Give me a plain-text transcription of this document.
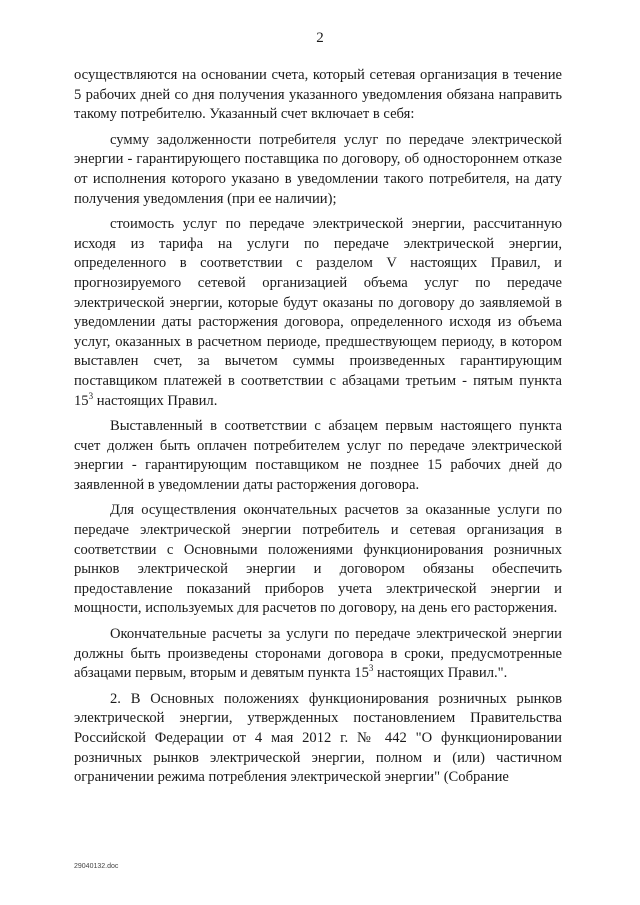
2

осуществляются на основании счета, который сетевая организация в течение 5 рабочих дней со дня получения указанного уведомления обязана направить такому потребителю. Указанный счет включает в себя:

сумму задолженности потребителя услуг по передаче электрической энергии - гарантирующего поставщика по договору, об одностороннем отказе от исполнения которого указано в уведомлении такого потребителя, на дату получения уведомления (при ее наличии);

стоимость услуг по передаче электрической энергии, рассчитанную исходя из тарифа на услуги по передаче электрической энергии, определенного в соответствии с разделом V настоящих Правил, и прогнозируемого сетевой организацией объема услуг по передаче электрической энергии, которые будут оказаны по договору до заявляемой в уведомлении даты расторжения договора, определенного исходя из объема услуг, оказанных в расчетном периоде, предшествующем периоду, в котором выставлен счет, за вычетом суммы произведенных гарантирующим поставщиком платежей в соответствии с абзацами третьим - пятым пункта $15^3$ настоящих Правил.

Выставленный в соответствии с абзацем первым настоящего пункта счет должен быть оплачен потребителем услуг по передаче электрической энергии - гарантирующим поставщиком не позднее 15 рабочих дней до заявленной в уведомлении даты расторжения договора.

Для осуществления окончательных расчетов за оказанные услуги по передаче электрической энергии потребитель и сетевая организация в соответствии с Основными положениями функционирования розничных рынков электрической энергии и договором обязаны обеспечить предоставление показаний приборов учета электрической энергии и мощности, используемых для расчетов по договору, на день его расторжения.

Окончательные расчеты за услуги по передаче электрической энергии должны быть произведены сторонами договора в сроки, предусмотренные абзацами первым, вторым и девятым пункта $15^3$ настоящих Правил.".

2. В Основных положениях функционирования розничных рынков электрической энергии, утвержденных постановлением Правительства Российской Федерации от 4 мая 2012 г. № 442 "О функционировании розничных рынков электрической энергии, полном и (или) частичном ограничении режима потребления электрической энергии" (Собрание

29040132.doc
